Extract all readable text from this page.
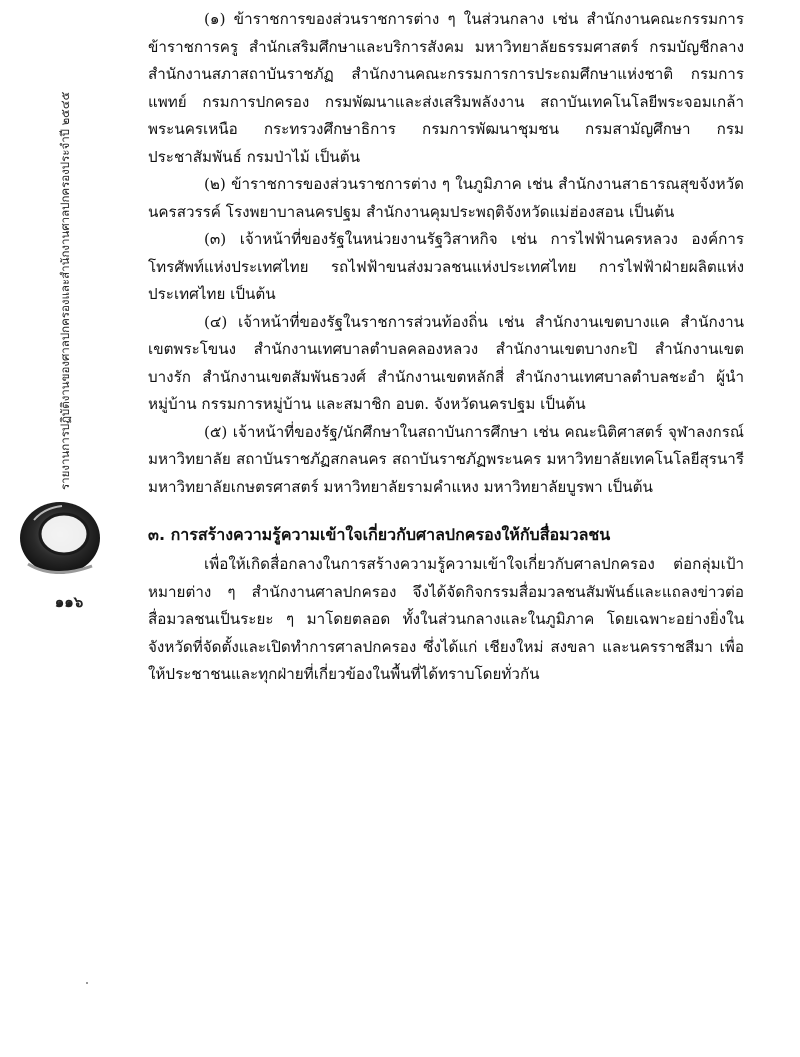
รายงานการปฏิบัติงานของศาลปกครองและสำนักงานศาลปกครองประจำปี ๒๕๔๕
๑๑๖

(๑) ข้าราชการของส่วนราชการต่าง ๆ ในส่วนกลาง เช่น สำนักงานคณะกรรมการข้าราชการครู สำนักเสริมศึกษาและบริการสังคม มหาวิทยาลัยธรรมศาสตร์ กรมบัญชีกลาง สำนักงานสภาสถาบันราชภัฏ สำนักงานคณะกรรมการการประถมศึกษาแห่งชาติ กรมการแพทย์ กรมการปกครอง กรมพัฒนาและส่งเสริมพลังงาน สถาบันเทคโนโลยีพระจอมเกล้าพระนครเหนือ กระทรวงศึกษาธิการ กรมการพัฒนาชุมชน กรมสามัญศึกษา กรมประชาสัมพันธ์ กรมป่าไม้ เป็นต้น

(๒) ข้าราชการของส่วนราชการต่าง ๆ ในภูมิภาค เช่น สำนักงานสาธารณสุขจังหวัดนครสวรรค์ โรงพยาบาลนครปฐม สำนักงานคุมประพฤติจังหวัดแม่ฮ่องสอน เป็นต้น

(๓) เจ้าหน้าที่ของรัฐในหน่วยงานรัฐวิสาหกิจ เช่น การไฟฟ้านครหลวง องค์การโทรศัพท์แห่งประเทศไทย รถไฟฟ้าขนส่งมวลชนแห่งประเทศไทย การไฟฟ้าฝ่ายผลิตแห่งประเทศไทย เป็นต้น

(๔) เจ้าหน้าที่ของรัฐในราชการส่วนท้องถิ่น เช่น สำนักงานเขตบางแค สำนักงานเขตพระโขนง สำนักงานเทศบาลตำบลคลองหลวง สำนักงานเขตบางกะปิ สำนักงานเขตบางรัก สำนักงานเขตสัมพันธวงศ์ สำนักงานเขตหลักสี่ สำนักงานเทศบาลตำบลชะอำ ผู้นำหมู่บ้าน กรรมการหมู่บ้าน และสมาชิก อบต. จังหวัดนครปฐม เป็นต้น

(๕) เจ้าหน้าที่ของรัฐ/นักศึกษาในสถาบันการศึกษา เช่น คณะนิติศาสตร์ จุฬาลงกรณ์มหาวิทยาลัย สถาบันราชภัฏสกลนคร สถาบันราชภัฏพระนคร มหาวิทยาลัยเทคโนโลยีสุรนารี มหาวิทยาลัยเกษตรศาสตร์ มหาวิทยาลัยรามคำแหง มหาวิทยาลัยบูรพา เป็นต้น

๓. การสร้างความรู้ความเข้าใจเกี่ยวกับศาลปกครองให้กับสื่อมวลชน

เพื่อให้เกิดสื่อกลางในการสร้างความรู้ความเข้าใจเกี่ยวกับศาลปกครอง ต่อกลุ่มเป้าหมายต่าง ๆ สำนักงานศาลปกครอง จึงได้จัดกิจกรรมสื่อมวลชนสัมพันธ์และแถลงข่าวต่อสื่อมวลชนเป็นระยะ ๆ มาโดยตลอด ทั้งในส่วนกลางและในภูมิภาค โดยเฉพาะอย่างยิ่งในจังหวัดที่จัดตั้งและเปิดทำการศาลปกครอง ซึ่งได้แก่ เชียงใหม่ สงขลา และนครราชสีมา เพื่อให้ประชาชนและทุกฝ่ายที่เกี่ยวข้องในพื้นที่ได้ทราบโดยทั่วกัน
